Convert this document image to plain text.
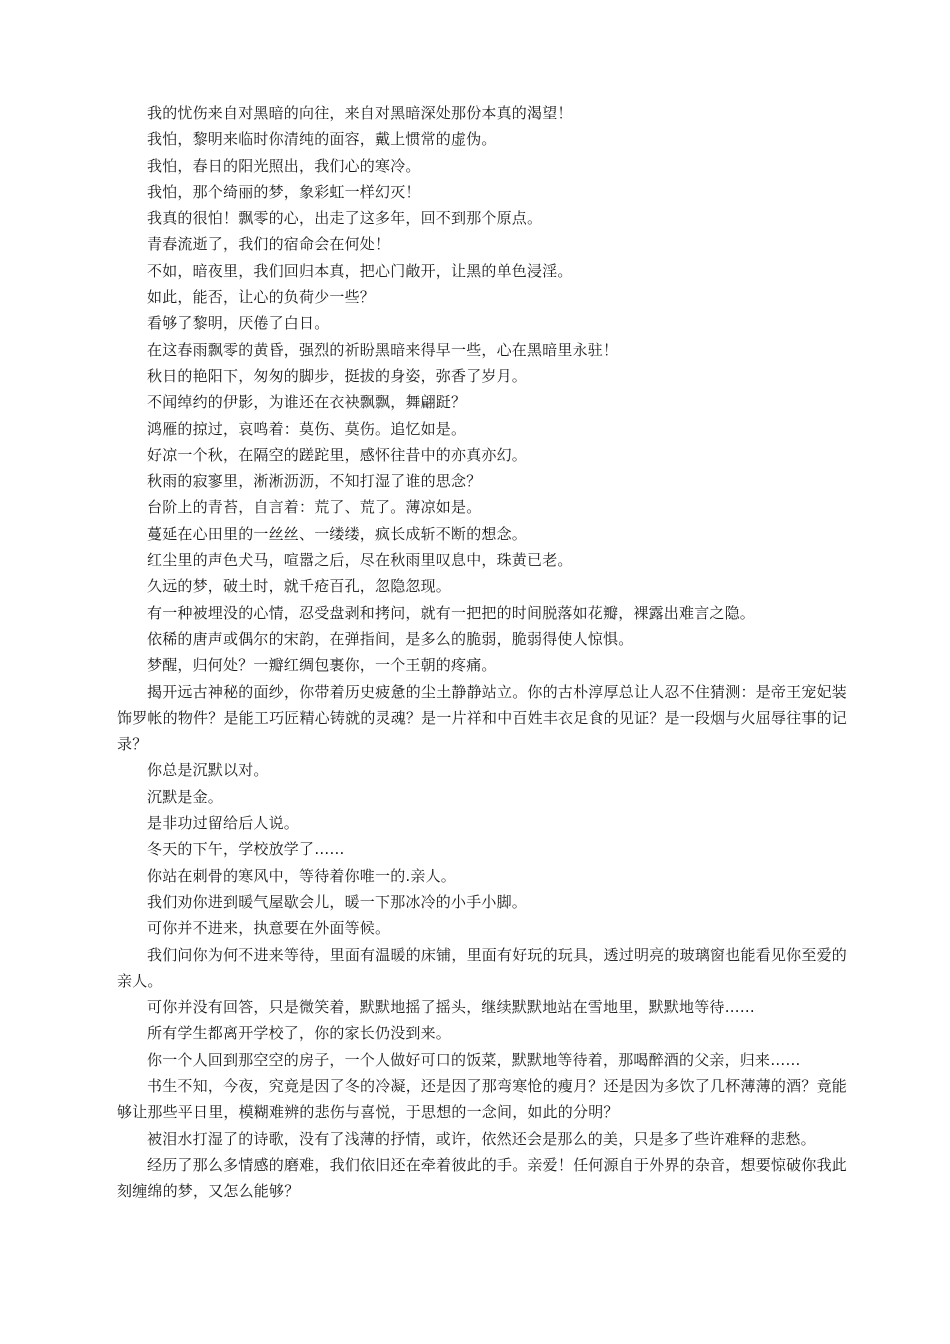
我的忧伤来自对黑暗的向往，来自对黑暗深处那份本真的渴望！

我怕，黎明来临时你清纯的面容，戴上惯常的虚伪。

我怕，春日的阳光照出，我们心的寒冷。

我怕，那个绮丽的梦，象彩虹一样幻灭！

我真的很怕！飘零的心，出走了这多年，回不到那个原点。

青春流逝了，我们的宿命会在何处！

不如，暗夜里，我们回归本真，把心门敞开，让黑的单色浸淫。

如此，能否，让心的负荷少一些？

看够了黎明，厌倦了白日。

在这春雨飘零的黄昏，强烈的祈盼黑暗来得早一些，心在黑暗里永驻！

秋日的艳阳下，匆匆的脚步，挺拔的身姿，弥香了岁月。

不闻绰约的伊影，为谁还在衣袂飘飘，舞翩跹？

鸿雁的掠过，哀鸣着：莫伤、莫伤。追忆如是。

好凉一个秋，在隔空的蹉跎里，感怀往昔中的亦真亦幻。

秋雨的寂寥里，淅淅沥沥，不知打湿了谁的思念？

台阶上的青苔，自言着：荒了、荒了。薄凉如是。

蔓延在心田里的一丝丝、一缕缕，疯长成斩不断的想念。

红尘里的声色犬马，喧嚣之后，尽在秋雨里叹息中，珠黄已老。

久远的梦，破土时，就千疮百孔，忽隐忽现。

有一种被埋没的心情，忍受盘剥和拷问，就有一把把的时间脱落如花瓣，裸露出难言之隐。

依稀的唐声或偶尔的宋韵，在弹指间，是多么的脆弱，脆弱得使人惊惧。

梦醒，归何处？一瓣红绸包裹你，一个王朝的疼痛。

揭开远古神秘的面纱，你带着历史疲惫的尘土静静站立。你的古朴淳厚总让人忍不住猜测：是帝王宠妃装饰罗帐的物件？是能工巧匠精心铸就的灵魂？是一片祥和中百姓丰衣足食的见证？是一段烟与火屈辱往事的记录？

你总是沉默以对。

沉默是金。

是非功过留给后人说。

冬天的下午，学校放学了……

你站在刺骨的寒风中，等待着你唯一的.亲人。

我们劝你进到暖气屋歇会儿，暖一下那冰冷的小手小脚。

可你并不进来，执意要在外面等候。

我们问你为何不进来等待，里面有温暖的床铺，里面有好玩的玩具，透过明亮的玻璃窗也能看见你至爱的亲人。

可你并没有回答，只是微笑着，默默地摇了摇头，继续默默地站在雪地里，默默地等待……

所有学生都离开学校了，你的家长仍没到来。

你一个人回到那空空的房子，一个人做好可口的饭菜，默默地等待着，那喝醉酒的父亲，归来……

书生不知，今夜，究竟是因了冬的冷凝，还是因了那弯寒怆的瘦月？还是因为多饮了几杯薄薄的酒？竟能够让那些平日里，模糊难辨的悲伤与喜悦，于思想的一念间，如此的分明？

被泪水打湿了的诗歌，没有了浅薄的抒情，或许，依然还会是那么的美，只是多了些许难释的悲愁。

经历了那么多情感的磨难，我们依旧还在牵着彼此的手。亲爱！任何源自于外界的杂音，想要惊破你我此刻缠绵的梦，又怎么能够？
